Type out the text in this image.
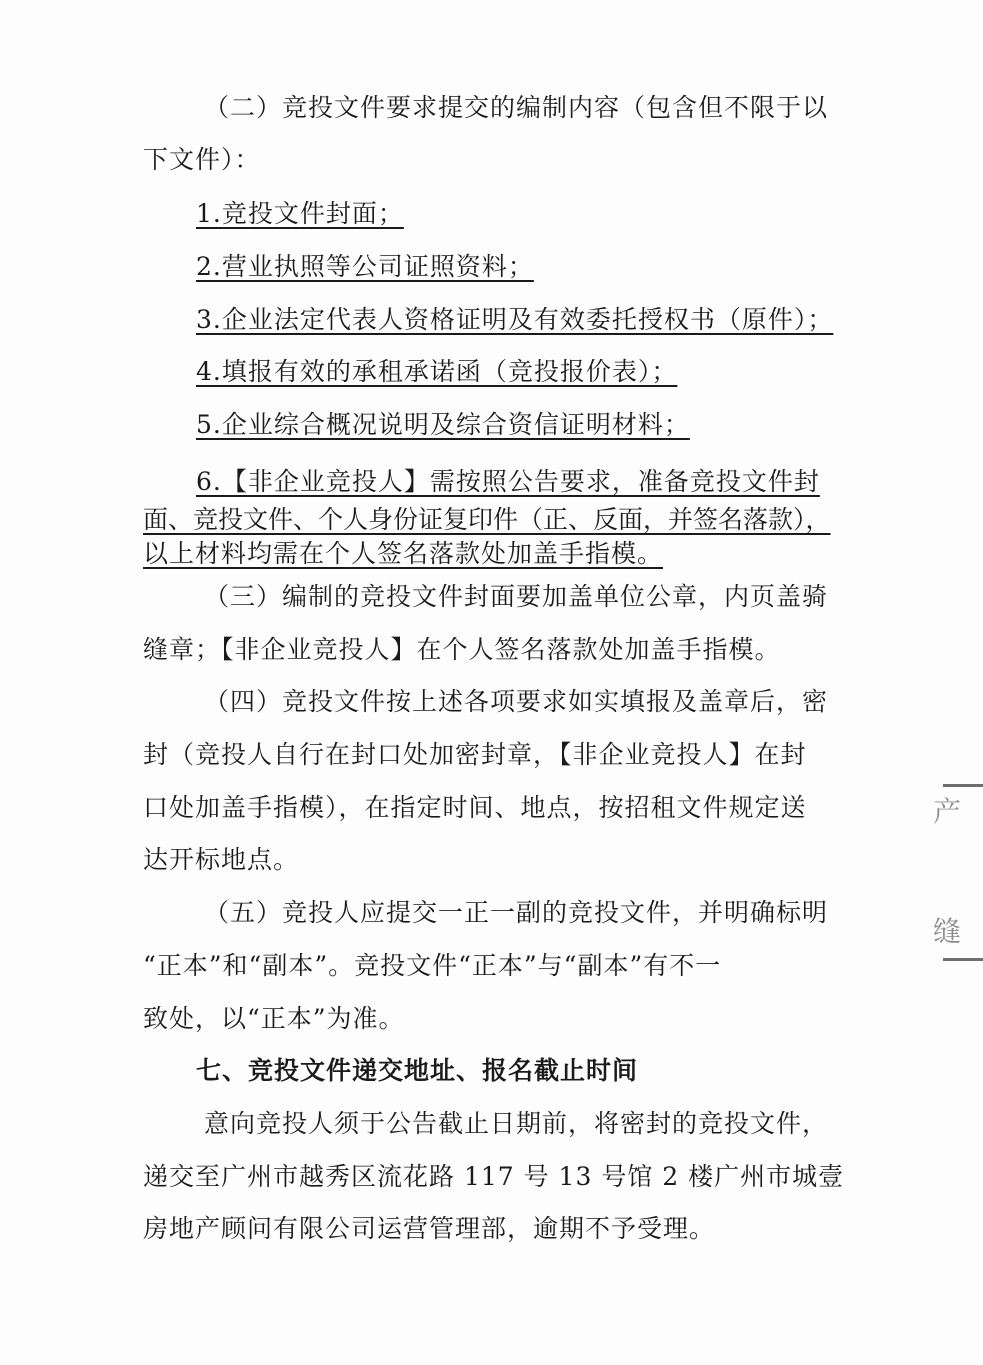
（二）竞投文件要求提交的编制内容（包含但不限于以
下文件）：
1.竞投文件封面；
2.营业执照等公司证照资料；
3.企业法定代表人资格证明及有效委托授权书（原件）；
4.填报有效的承租承诺函（竞投报价表）；
5.企业综合概况说明及综合资信证明材料；
6.【非企业竞投人】需按照公告要求，准备竞投文件封
面、竞投文件、个人身份证复印件（正、反面，并签名落款），
以上材料均需在个人签名落款处加盖手指模。
（三）编制的竞投文件封面要加盖单位公章，内页盖骑
缝章；【非企业竞投人】在个人签名落款处加盖手指模。
（四）竞投文件按上述各项要求如实填报及盖章后，密
封（竞投人自行在封口处加密封章，【非企业竞投人】在封
口处加盖手指模），在指定时间、地点，按招租文件规定送
达开标地点。
（五）竞投人应提交一正一副的竞投文件，并明确标明
“正本”和“副本”。竞投文件“正本”与“副本”有不一
致处，以“正本”为准。
七、竞投文件递交地址、报名截止时间
意向竞投人须于公告截止日期前，将密封的竞投文件，
递交至广州市越秀区流花路 117 号 13 号馆 2 楼广州市城壹
房地产顾问有限公司运营管理部，逾期不予受理。
产
缝
